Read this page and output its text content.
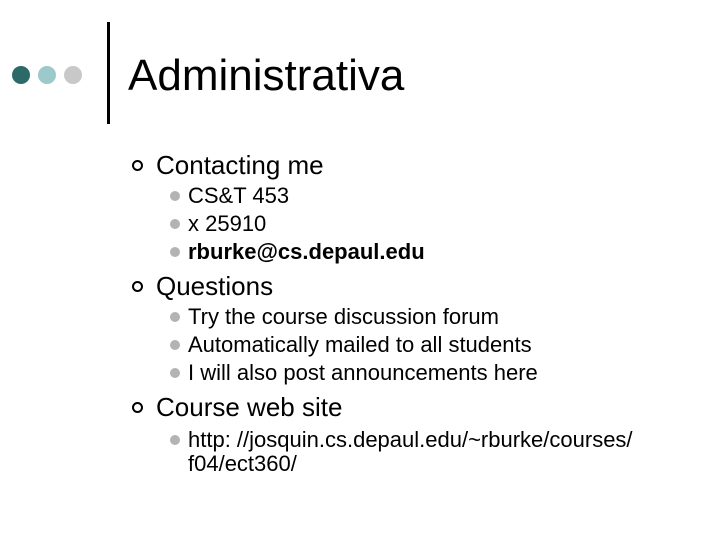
Administrativa
Contacting me
CS&T 453
x 25910
rburke@cs.depaul.edu
Questions
Try the course discussion forum
Automatically mailed to all students
I will also post announcements here
Course web site
http: //josquin.cs.depaul.edu/~rburke/courses/ f04/ect360/
